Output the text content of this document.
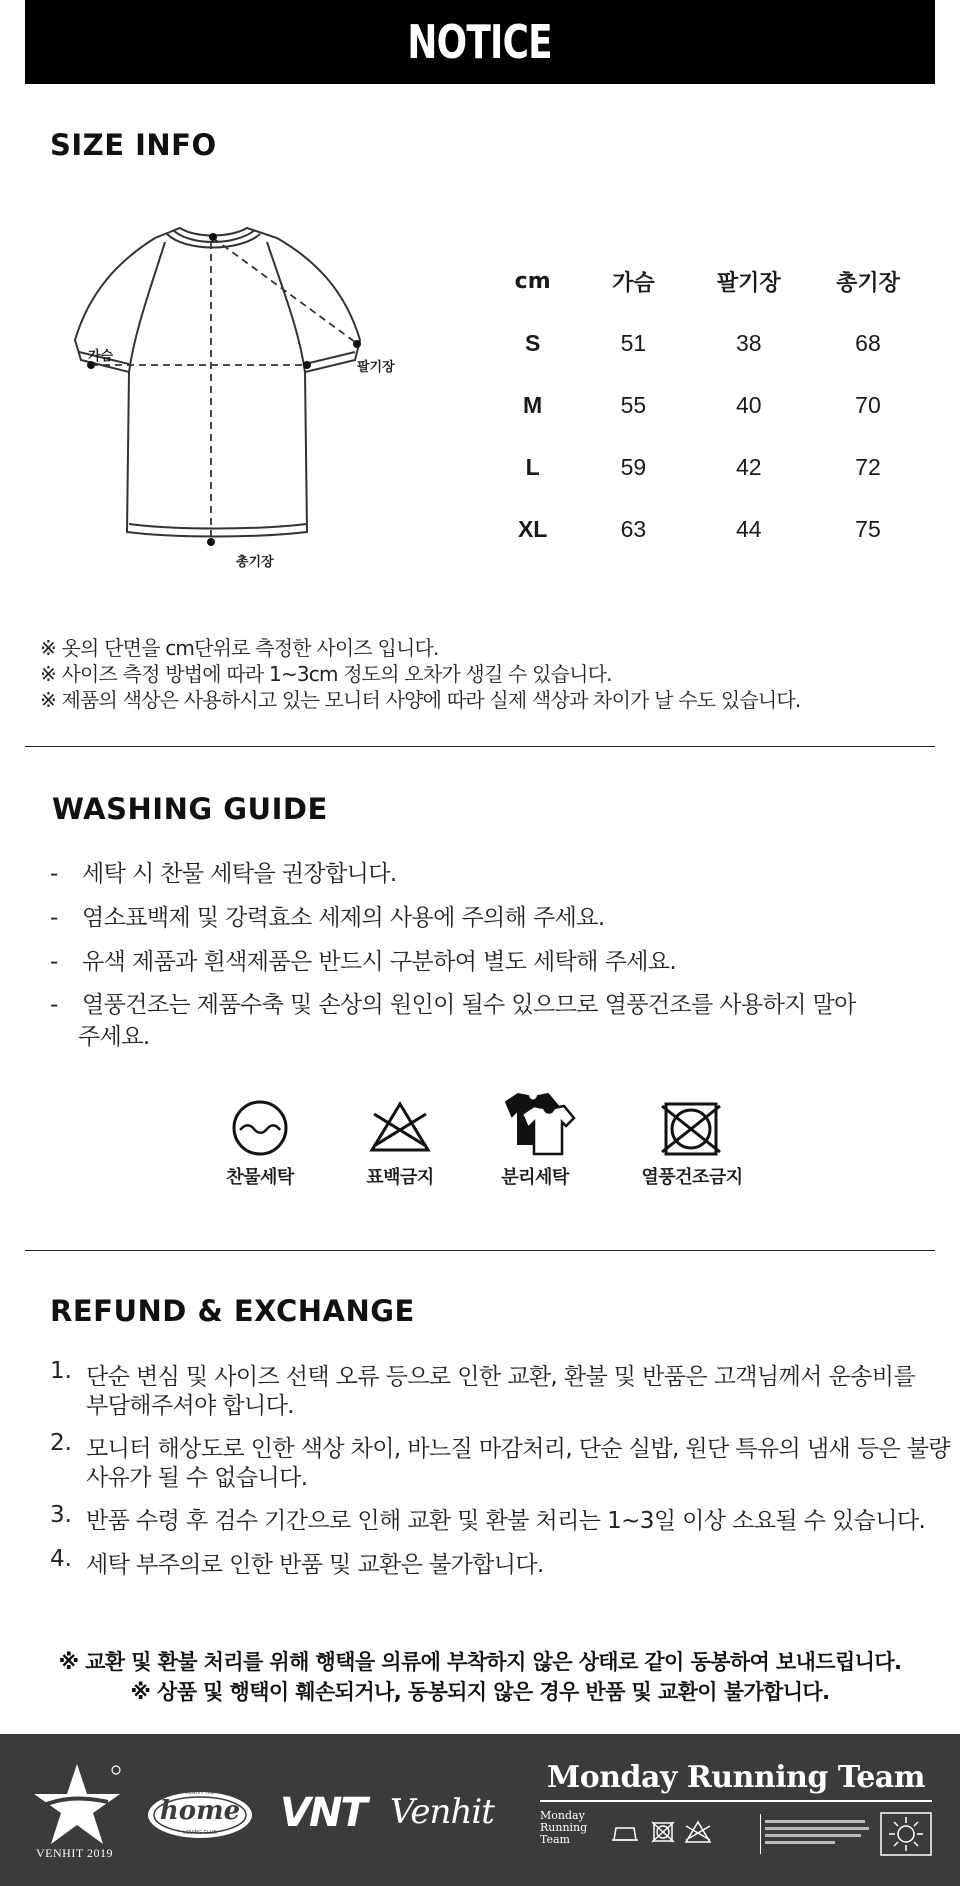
NOTICE
SIZE INFO
가슴
팔기장
총기장
cm	가슴	팔기장	총기장
S	51	38	68
M	55	40	70
L	59	42	72
XL	63	44	75
※ 옷의 단면을 cm단위로 측정한 사이즈 입니다.
※ 사이즈 측정 방법에 따라 1~3cm 정도의 오차가 생길 수 있습니다.
※ 제품의 색상은 사용하시고 있는 모니터 사양에 따라 실제 색상과 차이가 날 수도 있습니다.
WASHING GUIDE
- 세탁 시 찬물 세탁을 권장합니다.
- 염소표백제 및 강력효소 세제의 사용에 주의해 주세요.
- 유색 제품과 흰색제품은 반드시 구분하여 별도 세탁해 주세요.
- 열풍건조는 제품수축 및 손상의 원인이 될수 있으므로 열풍건조를 사용하지 말아
주세요.
찬물세탁	표백금지	분리세탁	열풍건조금지
REFUND & EXCHANGE
1. 단순 변심 및 사이즈 선택 오류 등으로 인한 교환, 환불 및 반품은 고객님께서 운송비를
부담해주셔야 합니다.
2. 모니터 해상도로 인한 색상 차이, 바느질 마감처리, 단순 실밥, 원단 특유의 냄새 등은 불량
사유가 될 수 없습니다.
3. 반품 수령 후 검수 기간으로 인해 교환 및 환불 처리는 1~3일 이상 소요될 수 있습니다.
4. 세탁 부주의로 인한 반품 및 교환은 불가합니다.
※ 교환 및 환불 처리를 위해 행택을 의류에 부착하지 않은 상태로 같이 동봉하여 보내드립니다.
※ 상품 및 행택이 훼손되거나, 동봉되지 않은 경우 반품 및 교환이 불가합니다.
VENHIT 2019
home
VENHIT THE
LOVING CLUB	VNT Venhit
Monday Running Team
Monday
Running
Team
